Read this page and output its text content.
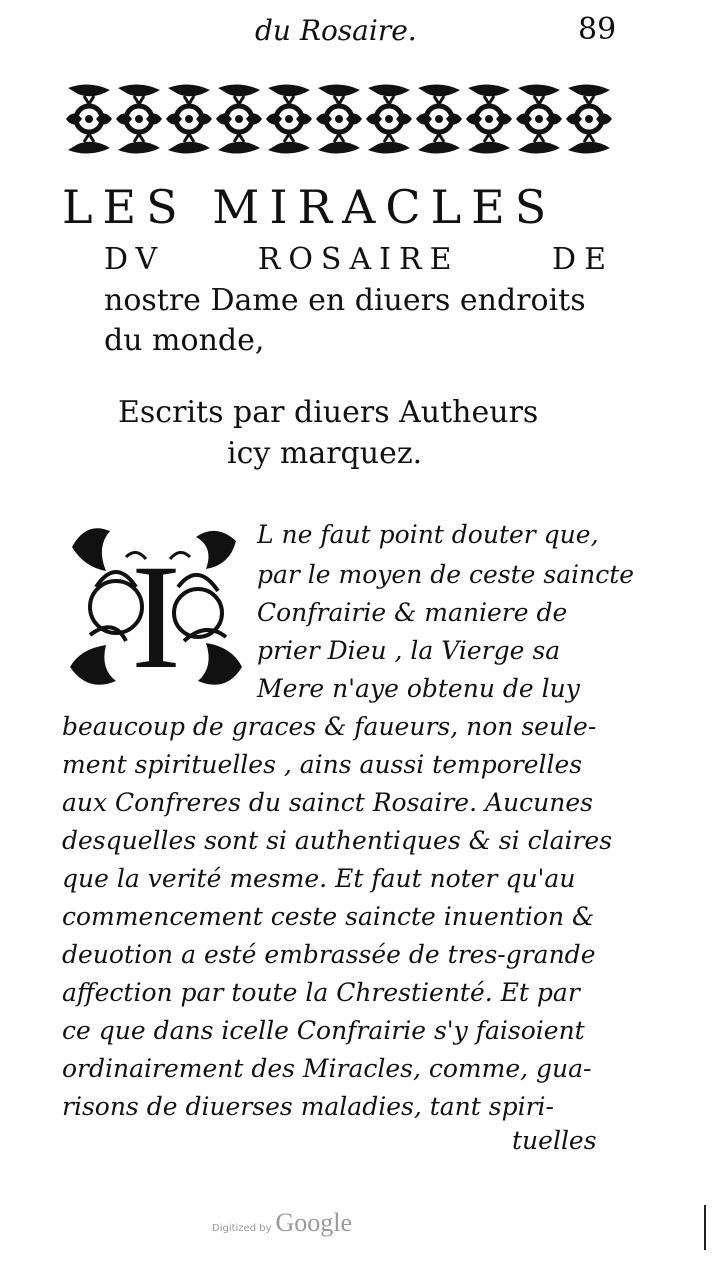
du Rosaire.	89
LES MIRACLES
DV	ROSAIRE	DE
nostre Dame en diuers endroits
du monde,
Escrits par diuers Autheurs
icy marquez.
I	L ne faut point douter que,
par le moyen de ceste saincte
Confrairie & maniere de
prier Dieu , la Vierge sa
Mere n'aye obtenu de luy
beaucoup de graces & faueurs, non seule-
ment spirituelles , ains aussi temporelles
aux Confreres du sainct Rosaire. Aucunes
desquelles sont si authentiques & si claires
que la verité mesme. Et faut noter qu'au
commencement ceste saincte inuention &
deuotion a esté embrassée de tres-grande
affection par toute la Chrestienté. Et par
ce que dans icelle Confrairie s'y faisoient
ordinairement des Miracles, comme, gua-
risons de diuerses maladies, tant spiri-
tuelles
Digitized by Google
